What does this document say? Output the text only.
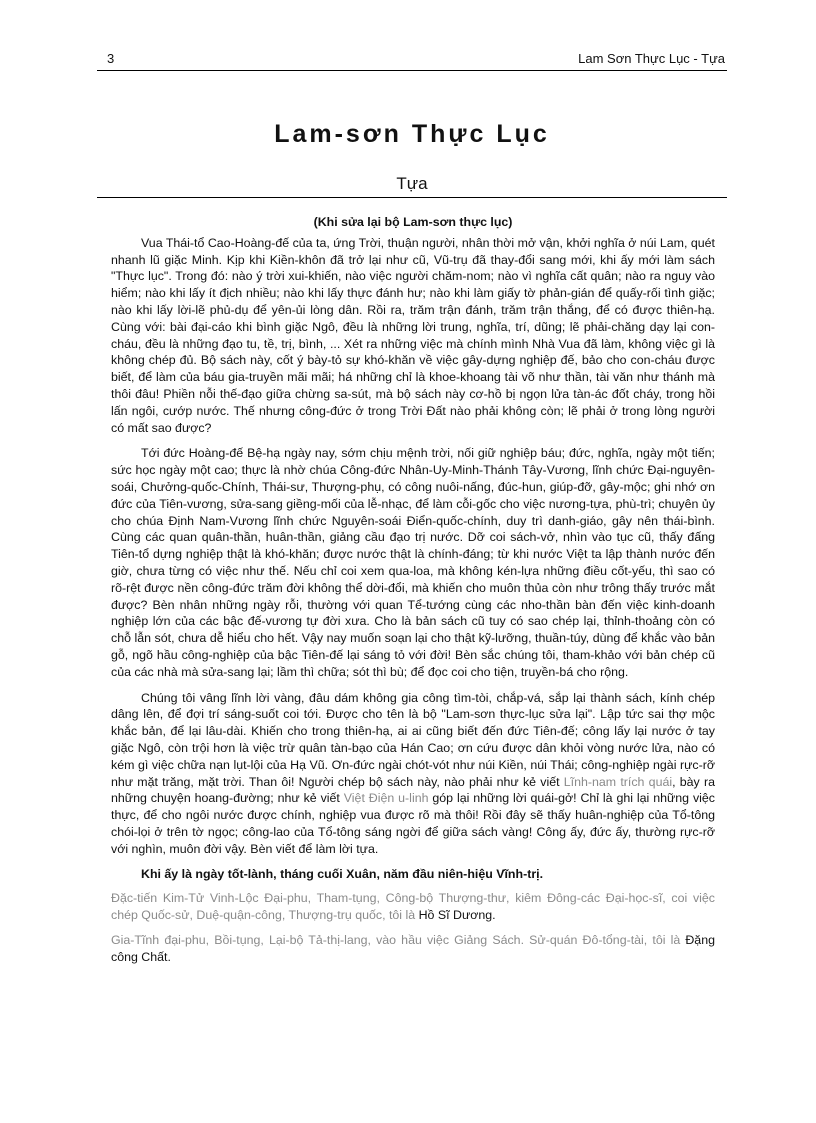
3	Lam Sơn Thực Lục - Tựa
Lam-sơn Thực Lục
Tựa

(Khi sửa lại bộ Lam-sơn thực lục)

Vua Thái-tổ Cao-Hoàng-đế của ta, ứng Trời, thuận người, nhân thời mở vận, khởi nghĩa ở núi Lam, quét nhanh lũ giặc Minh. Kịp khi Kiền-khôn đã trở lại như cũ, Vũ-trụ đã thay-đổi sang mới, khi ấy mới làm sách "Thực lục". Trong đó: nào ý trời xui-khiến, nào việc người chăm-nom; nào vì nghĩa cất quân; nào ra nguy vào hiểm; nào khi lấy ít địch nhiều; nào khi lấy thực đánh hư; nào khi làm giấy tờ phản-gián để quấy-rối tình giặc; nào khi lấy lời-lẽ phủ-dụ để yên-ủi lòng dân. Rồi ra, trăm trận đánh, trăm trận thắng, để có được thiên-hạ. Cùng với: bài đại-cáo khi bình giặc Ngô, đều là những lời trung, nghĩa, trí, dũng; lẽ phải-chăng dạy lại con-cháu, đều là những đạo tu, tề, trị, bình, ... Xét ra những việc mà chính mình Nhà Vua đã làm, không việc gì là không chép đủ. Bộ sách này, cốt ý bày-tỏ sự khó-khăn về việc gây-dựng nghiệp đế, bảo cho con-cháu được biết, để làm của báu gia-truyền mãi mãi; há những chỉ là khoe-khoang tài võ như thần, tài văn như thánh mà thôi đâu! Phiền nỗi thế-đạo giữa chừng sa-sút, mà bộ sách này cơ-hồ bị ngọn lửa tàn-ác đốt cháy, trong hồi lấn ngôi, cướp nước. Thế nhưng công-đức ở trong Trời Đất nào phải không còn; lẽ phải ở trong lòng người có mất sao được?

Tới đức Hoàng-đế Bệ-hạ ngày nay, sớm chịu mệnh trời, nối giữ nghiệp báu; đức, nghĩa, ngày một tiến; sức học ngày một cao; thực là nhờ chúa Công-đức Nhân-Uy-Minh-Thánh Tây-Vương, lĩnh chức Đại-nguyên-soái, Chưởng-quốc-Chính, Thái-sư, Thượng-phụ, có công nuôi-nấng, đúc-hun, giúp-đỡ, gây-mộc; ghi nhớ ơn đức của Tiên-vương, sửa-sang giềng-mối của lễ-nhạc, để làm cỗi-gốc cho việc nương-tựa, phù-trì; chuyên ủy cho chúa Định Nam-Vương lĩnh chức Nguyên-soái Điển-quốc-chính, duy trì danh-giáo, gây nên thái-bình. Cùng các quan quân-thần, huân-thần, giảng cầu đạo trị nước. Dỡ coi sách-vở, nhìn vào tục cũ, thấy đấng Tiên-tổ dựng nghiệp thật là khó-khăn; được nước thật là chính-đáng; từ khi nước Việt ta lập thành nước đến giờ, chưa từng có việc như thế. Nếu chỉ coi xem qua-loa, mà không kén-lựa những điều cốt-yếu, thì sao có rõ-rệt được nền công-đức trăm đời không thể dời-đổi, mà khiến cho muôn thủa còn như trông thấy trước mắt được? Bèn nhân những ngày rỗi, thường với quan Tể-tướng cùng các nho-thần bàn đến việc kinh-doanh nghiệp lớn của các bậc đế-vương tự đời xưa. Cho là bản sách cũ tuy có sao chép lại, thỉnh-thoảng còn có chỗ lẫn sót, chưa dễ hiểu cho hết. Vậy nay muốn soạn lại cho thật kỹ-lưỡng, thuần-túy, dùng để khắc vào bản gỗ, ngõ hầu công-nghiệp của bậc Tiên-đế lại sáng tỏ với đời! Bèn sắc chúng tôi, tham-khảo với bản chép cũ của các nhà mà sửa-sang lại; lầm thì chữa; sót thì bù; để đọc coi cho tiện, truyền-bá cho rộng.

Chúng tôi vâng lĩnh lời vàng, đâu dám không gia công tìm-tòi, chắp-vá, sắp lại thành sách, kính chép dâng lên, để đợi trí sáng-suốt coi tới. Được cho tên là bộ "Lam-sơn thực-lục sửa lại". Lập tức sai thợ mộc khắc bản, để lại lâu-dài. Khiến cho trong thiên-hạ, ai ai cũng biết đến đức Tiên-đế; công lấy lại nước ở tay giặc Ngô, còn trội hơn là việc trừ quân tàn-bạo của Hán Cao; ơn cứu được dân khỏi vòng nước lửa, nào có kém gì việc chữa nạn lụt-lội của Hạ Vũ. Ơn-đức ngài chót-vót như núi Kiền, núi Thái; công-nghiệp ngài rực-rỡ như mặt trăng, mặt trời. Than ôi! Người chép bộ sách này, nào phải như kẻ viết Lĩnh-nam trích quái, bày ra những chuyện hoang-đường; như kẻ viết Việt Điện u-linh góp lại những lời quái-gở! Chỉ là ghi lại những việc thực, để cho ngôi nước được chính, nghiệp vua được rõ mà thôi! Rồi đây sẽ thấy huân-nghiệp của Tổ-tông chói-lọi ở trên tờ ngọc; công-lao của Tổ-tông sáng ngời để giữa sách vàng! Công ấy, đức ấy, thường rực-rỡ với nghìn, muôn đời vậy. Bèn viết để làm lời tựa.

Khi ấy là ngày tốt-lành, tháng cuối Xuân, năm đầu niên-hiệu Vĩnh-trị.

Đặc-tiến Kim-Tử Vinh-Lộc Đại-phu, Tham-tụng, Công-bộ Thượng-thư, kiêm Đông-các Đại-học-sĩ, coi việc chép Quốc-sử, Duệ-quận-công, Thượng-trụ quốc, tôi là Hồ Sĩ Dương.

Gia-Tĩnh đại-phu, Bồi-tụng, Lại-bộ Tả-thị-lang, vào hầu việc Giảng Sách. Sử-quán Đô-tổng-tài, tôi là Đặng công Chất.
